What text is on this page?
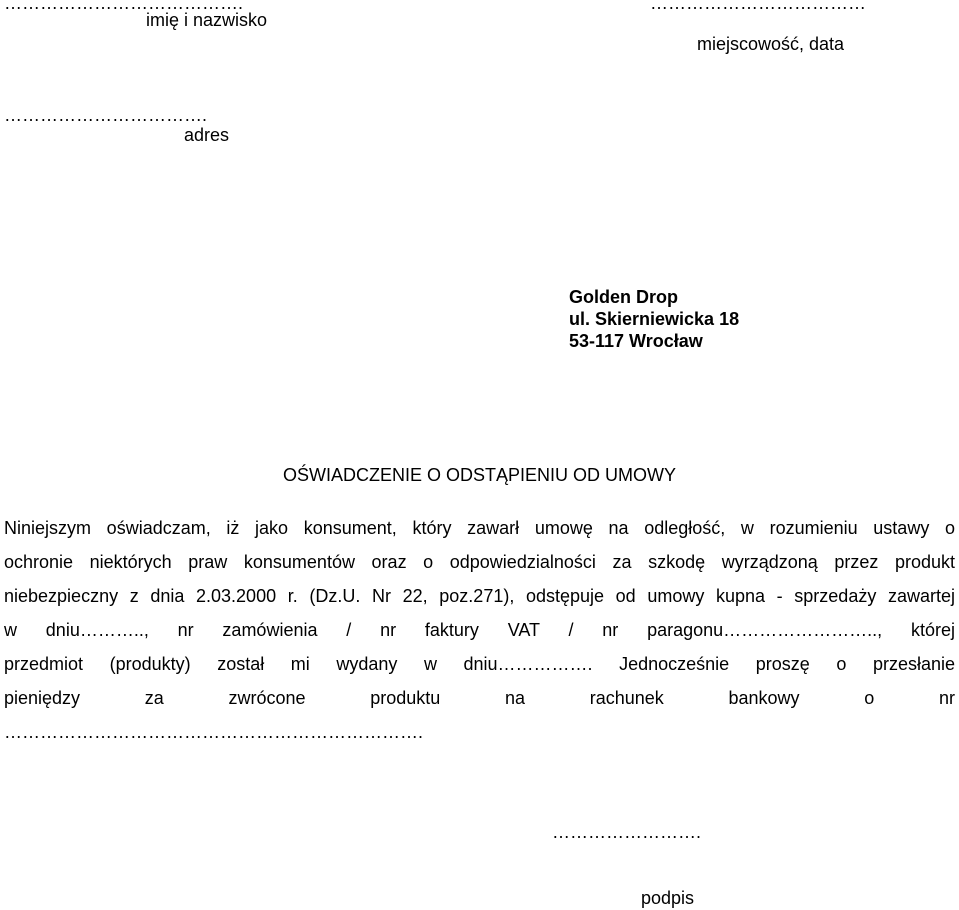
………………………………….
imię i nazwisko
………………………………
miejscowość, data
…………………………….
adres
Golden Drop
ul. Skierniewicka 18
53-117 Wrocław
OŚWIADCZENIE O ODSTĄPIENIU OD UMOWY
Niniejszym oświadczam, iż jako konsument, który zawarł umowę na odległość, w rozumieniu ustawy o
ochronie niektórych praw konsumentów oraz o odpowiedzialności za szkodę wyrządzoną przez produkt
niebezpieczny z dnia 2.03.2000 r. (Dz.U. Nr 22, poz.271), odstępuje od umowy kupna - sprzedaży zawartej
w dniu……….., nr zamówienia / nr faktury VAT / nr paragonu…………………….., której
przedmiot (produkty) został mi wydany w dniu……………. Jednocześnie proszę o przesłanie
pieniędzy za zwrócone produktu na rachunek bankowy o nr
…………………………………………………………….
…………………….
podpis
